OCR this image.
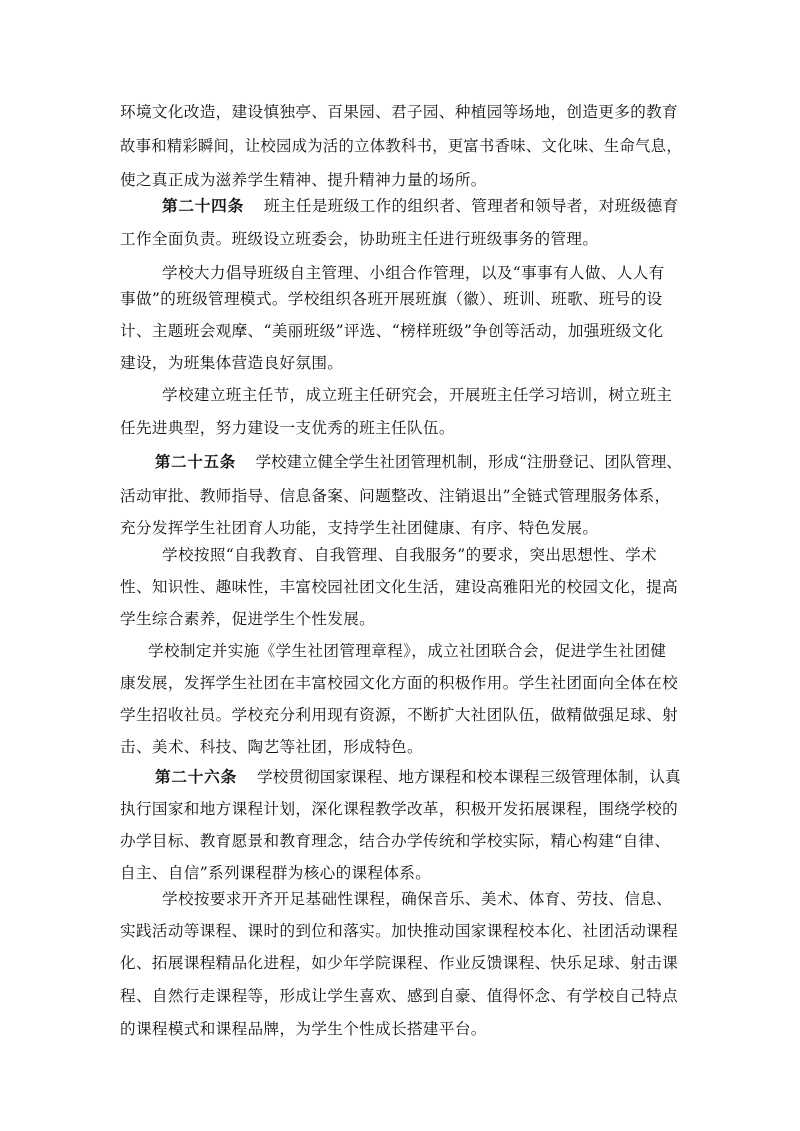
环境文化改造，建设慎独亭、百果园、君子园、种植园等场地，创造更多的教育
故事和精彩瞬间，让校园成为活的立体教科书，更富书香味、文化味、生命气息，
使之真正成为滋养学生精神、提升精神力量的场所。
第二十四条 班主任是班级工作的组织者、管理者和领导者，对班级德育
工作全面负责。班级设立班委会，协助班主任进行班级事务的管理。
学校大力倡导班级自主管理、小组合作管理，以及“事事有人做、人人有
事做”的班级管理模式。学校组织各班开展班旗（徽）、班训、班歌、班号的设
计、主题班会观摩、“美丽班级”评选、“榜样班级”争创等活动，加强班级文化
建设，为班集体营造良好氛围。
学校建立班主任节，成立班主任研究会，开展班主任学习培训，树立班主
任先进典型，努力建设一支优秀的班主任队伍。
第二十五条 学校建立健全学生社团管理机制，形成“注册登记、团队管理、
活动审批、教师指导、信息备案、问题整改、注销退出”全链式管理服务体系，
充分发挥学生社团育人功能，支持学生社团健康、有序、特色发展。
学校按照“自我教育、自我管理、自我服务”的要求，突出思想性、学术
性、知识性、趣味性，丰富校园社团文化生活，建设高雅阳光的校园文化，提高
学生综合素养，促进学生个性发展。
学校制定并实施《学生社团管理章程》，成立社团联合会，促进学生社团健
康发展，发挥学生社团在丰富校园文化方面的积极作用。学生社团面向全体在校
学生招收社员。学校充分利用现有资源，不断扩大社团队伍，做精做强足球、射
击、美术、科技、陶艺等社团，形成特色。
第二十六条 学校贯彻国家课程、地方课程和校本课程三级管理体制，认真
执行国家和地方课程计划，深化课程教学改革，积极开发拓展课程，围绕学校的
办学目标、教育愿景和教育理念，结合办学传统和学校实际，精心构建“自律、
自主、自信”系列课程群为核心的课程体系。
学校按要求开齐开足基础性课程，确保音乐、美术、体育、劳技、信息、
实践活动等课程、课时的到位和落实。加快推动国家课程校本化、社团活动课程
化、拓展课程精品化进程，如少年学院课程、作业反馈课程、快乐足球、射击课
程、自然行走课程等，形成让学生喜欢、感到自豪、值得怀念、有学校自己特点
的课程模式和课程品牌，为学生个性成长搭建平台。
